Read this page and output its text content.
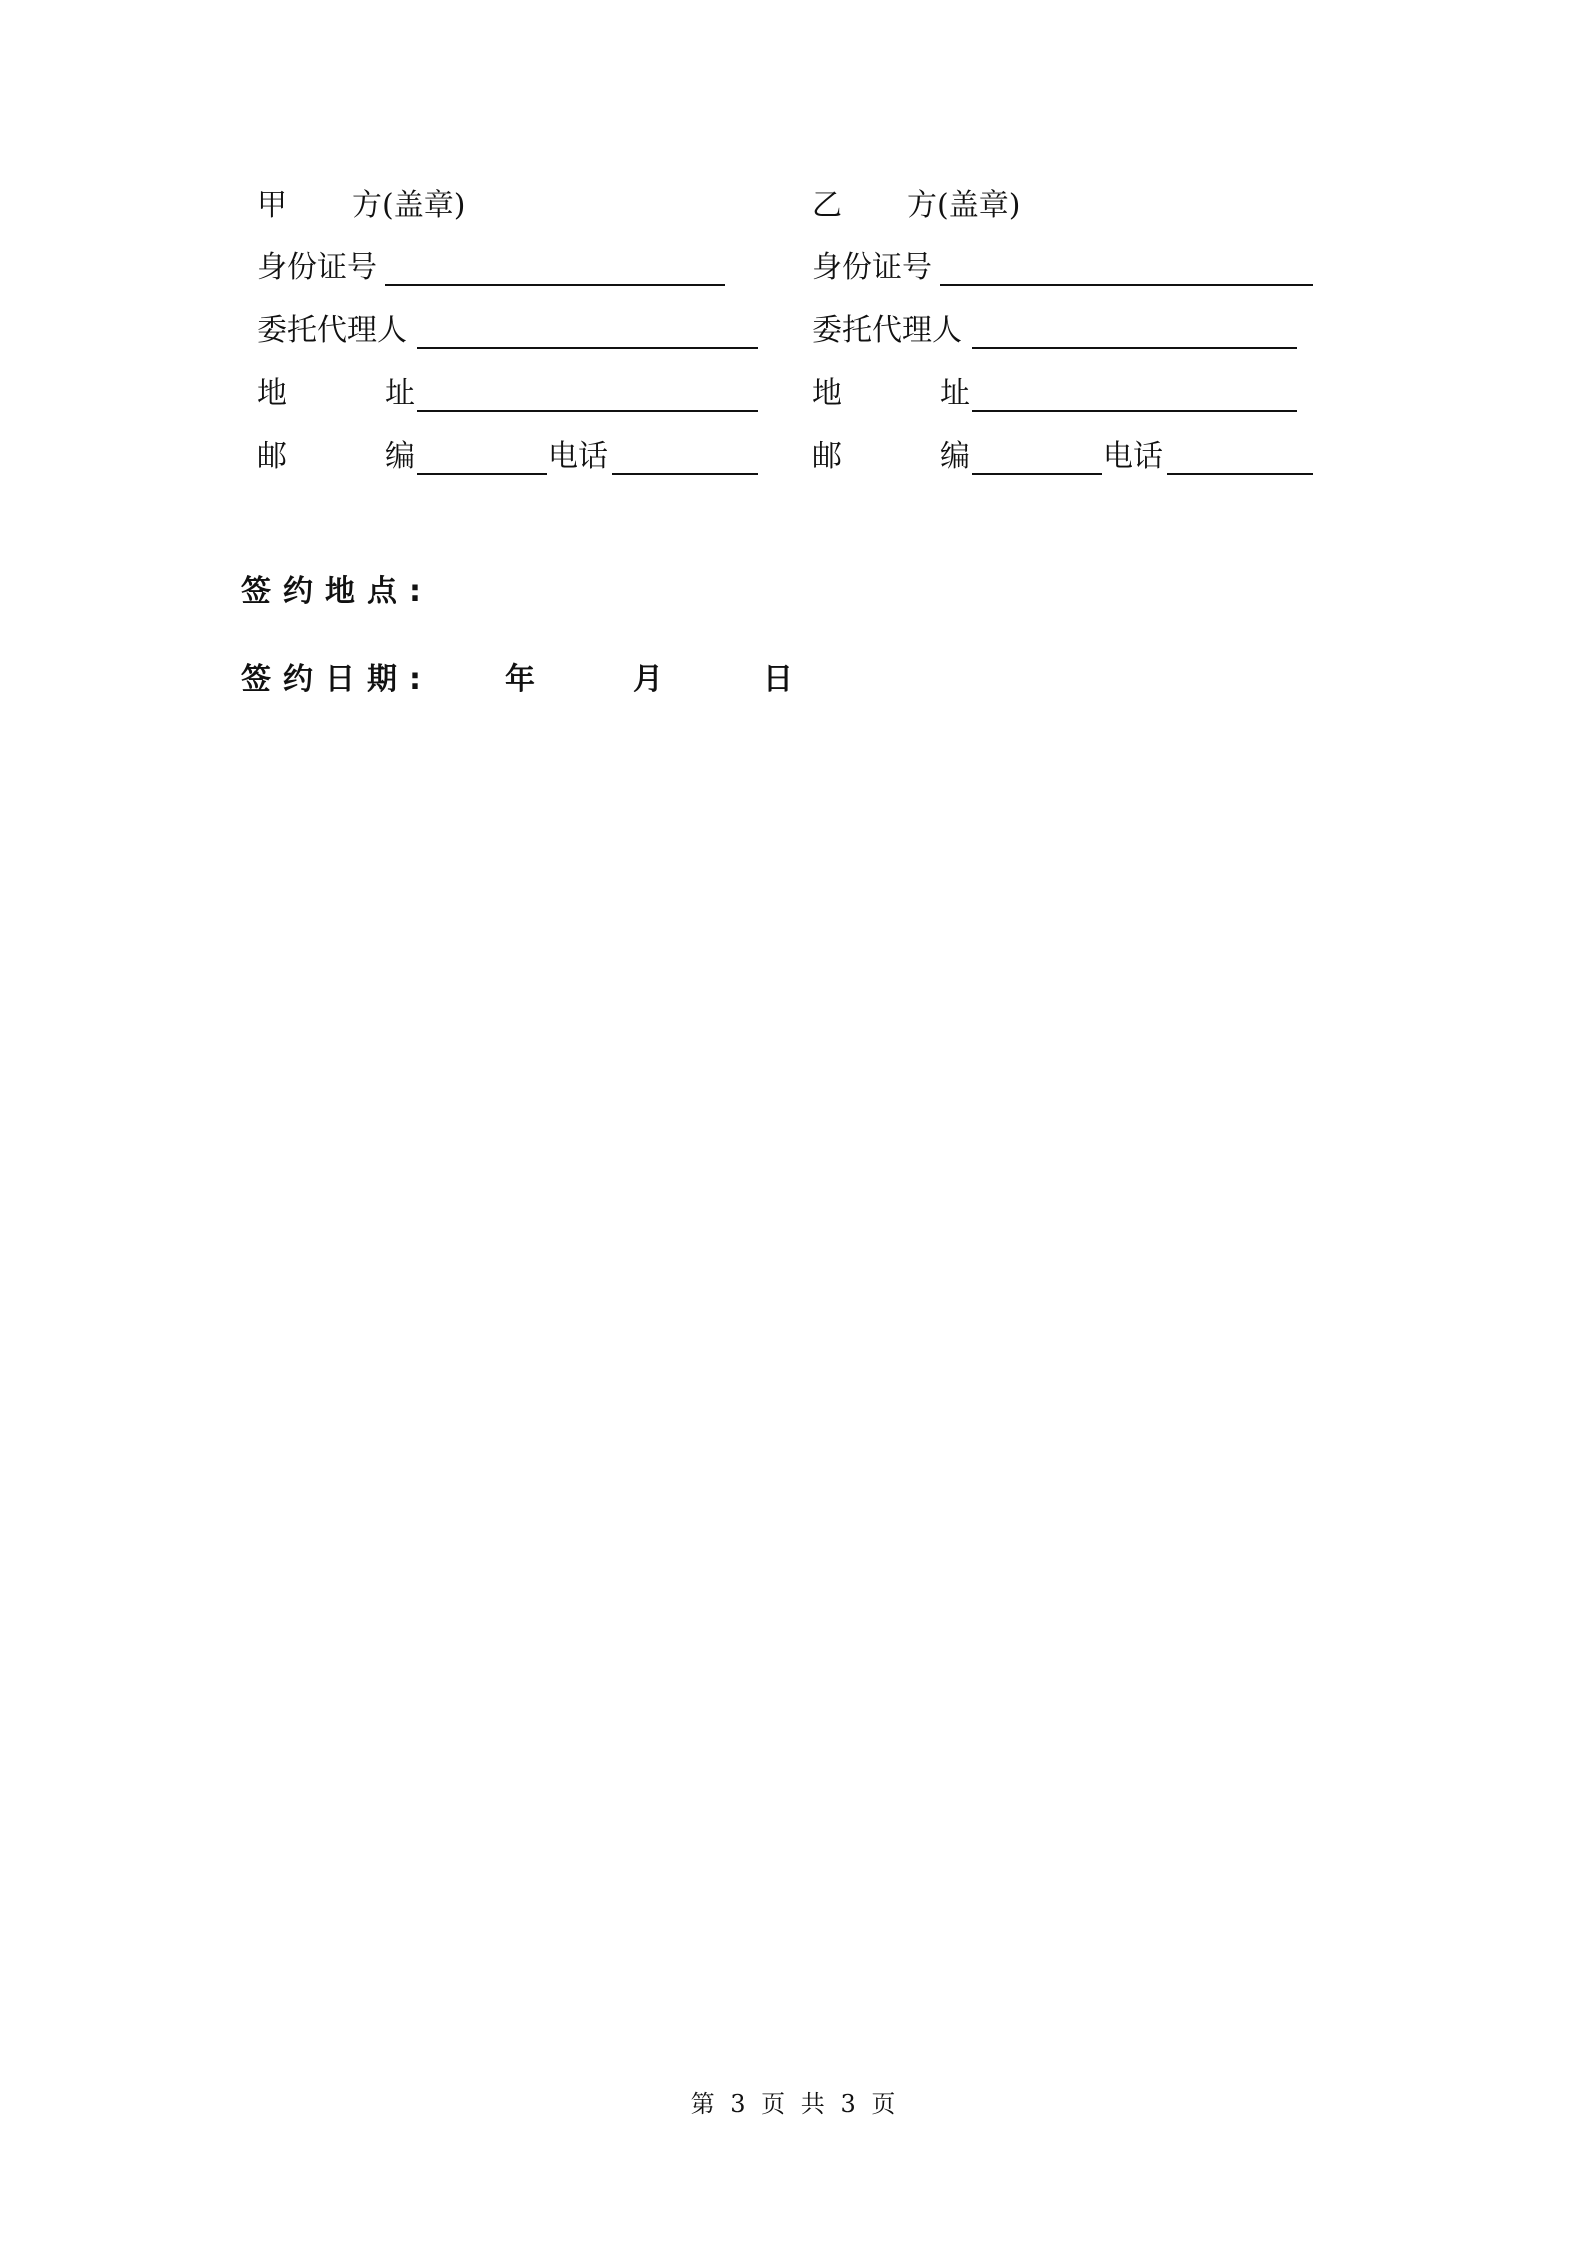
甲 方(盖章)
身份证号
委托代理人
地	址
邮	编	电话
乙 方(盖章)
身份证号
委托代理人
地	址
邮	编	电话
签约地点:
签约日期: 年	月	日
第 3 页 共 3 页
